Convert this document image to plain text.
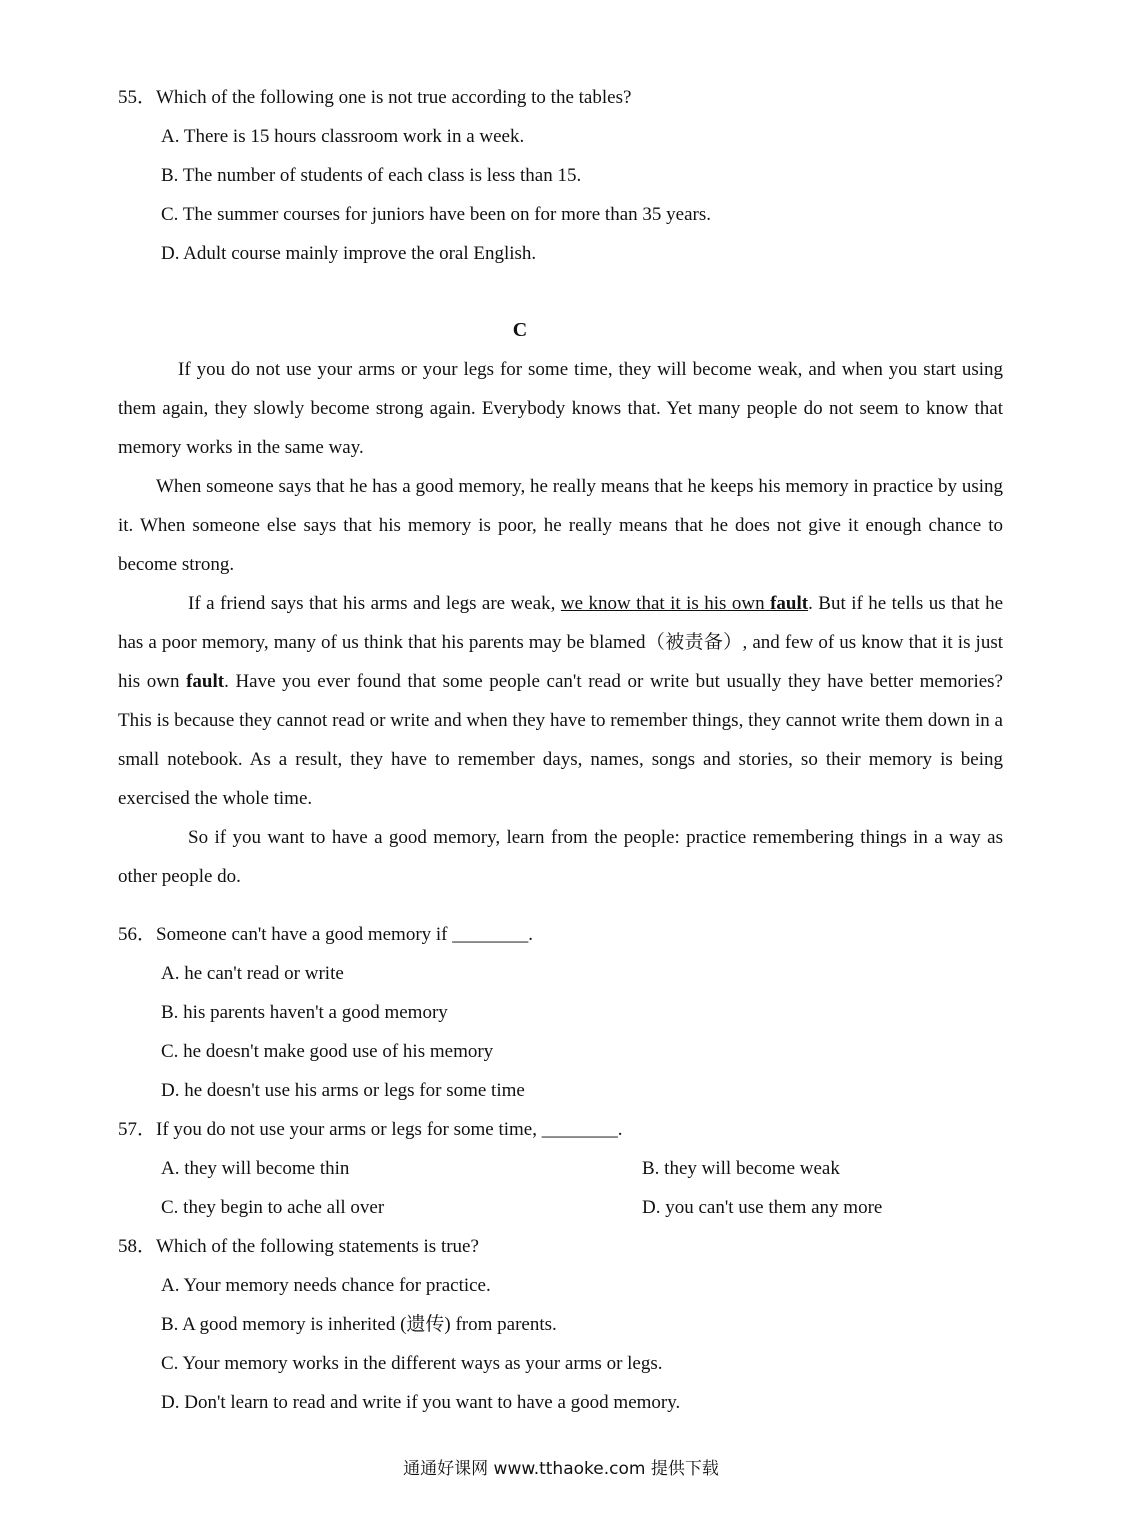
55．Which of the following one is not true according to the tables?
A. There is 15 hours classroom work in a week.
B. The number of students of each class is less than 15.
C. The summer courses for juniors have been on for more than 35 years.
D. Adult course mainly improve the oral English.
C

If you do not use your arms or your legs for some time, they will become weak, and when you start using them again, they slowly become strong again. Everybody knows that. Yet many people do not seem to know that memory works in the same way.

When someone says that he has a good memory, he really means that he keeps his memory in practice by using it. When someone else says that his memory is poor, he really means that he does not give it enough chance to become strong.

If a friend says that his arms and legs are weak, we know that it is his own fault. But if he tells us that he has a poor memory, many of us think that his parents may be blamed（被责备）, and few of us know that it is just his own fault. Have you ever found that some people can't read or write but usually they have better memories? This is because they cannot read or write and when they have to remember things, they cannot write them down in a small notebook. As a result, they have to remember days, names, songs and stories, so their memory is being exercised the whole time.

So if you want to have a good memory, learn from the people: practice remembering things in a way as other people do.

56．Someone can't have a good memory if ________.
A. he can't read or write
B. his parents haven't a good memory
C. he doesn't make good use of his memory
D. he doesn't use his arms or legs for some time
57．If you do not use your arms or legs for some time, ________.
A. they will become thin	B. they will become weak
C. they begin to ache all over	D. you can't use them any more
58．Which of the following statements is true?
A. Your memory needs chance for practice.
B. A good memory is inherited (遗传) from parents.
C. Your memory works in the different ways as your arms or legs.
D. Don't learn to read and write if you want to have a good memory.
通通好课网 www.tthaoke.com 提供下载
